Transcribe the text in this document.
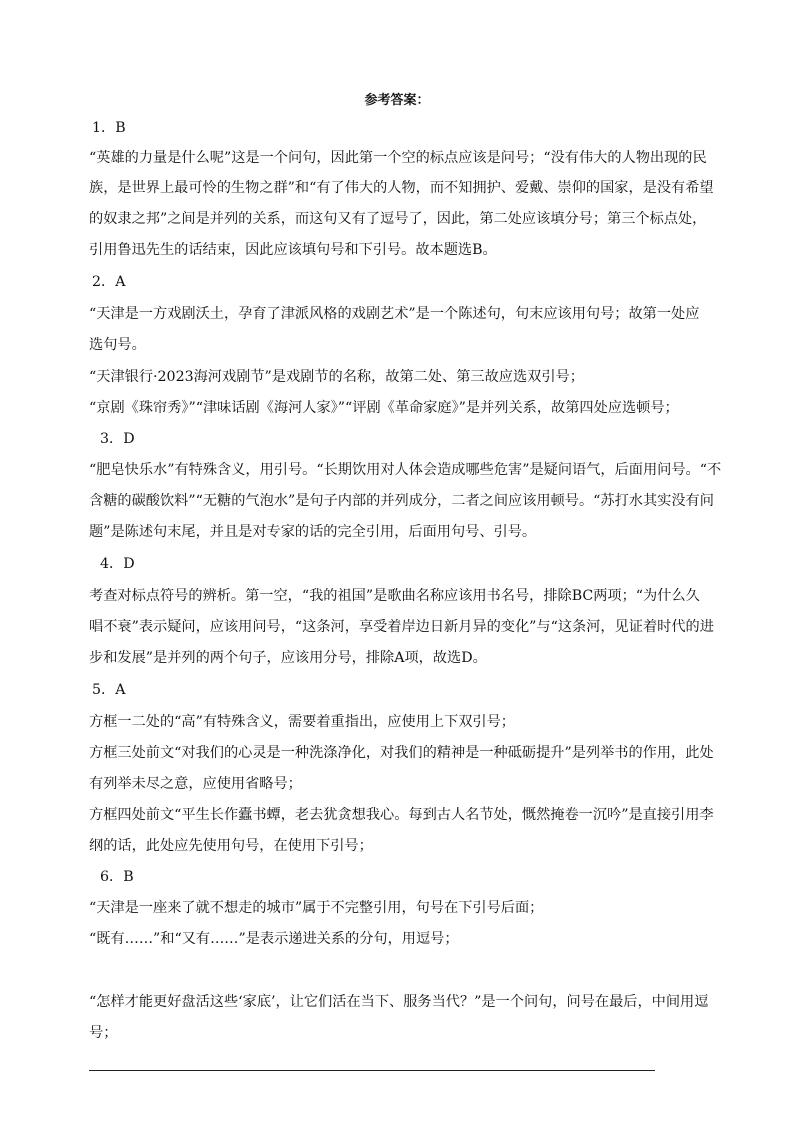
参考答案：
1．B
“英雄的力量是什么呢”这是一个问句，因此第一个空的标点应该是问号；“没有伟大的人物出现的民
族，是世界上最可怜的生物之群”和“有了伟大的人物，而不知拥护、爱戴、崇仰的国家，是没有希望
的奴隶之邦”之间是并列的关系，而这句又有了逗号了，因此，第二处应该填分号；第三个标点处，
引用鲁迅先生的话结束，因此应该填句号和下引号。故本题选B。
2．A
“天津是一方戏剧沃土，孕育了津派风格的戏剧艺术”是一个陈述句，句末应该用句号；故第一处应
选句号。
“天津银行·2023海河戏剧节”是戏剧节的名称，故第二处、第三故应选双引号；
“京剧《珠帘秀》”“津味话剧《海河人家》”“评剧《革命家庭》”是并列关系，故第四处应选顿号；
3．D
“肥皂快乐水”有特殊含义，用引号。“长期饮用对人体会造成哪些危害”是疑问语气，后面用问号。“不
含糖的碳酸饮料”“无糖的气泡水”是句子内部的并列成分，二者之间应该用顿号。“苏打水其实没有问
题”是陈述句末尾，并且是对专家的话的完全引用，后面用句号、引号。
4．D
考查对标点符号的辨析。第一空，“我的祖国”是歌曲名称应该用书名号，排除BC两项；“为什么久
唱不衰”表示疑问，应该用问号，“这条河，享受着岸边日新月异的变化”与“这条河，见证着时代的进
步和发展”是并列的两个句子，应该用分号，排除A项，故选D。
5．A
方框一二处的“高”有特殊含义，需要着重指出，应使用上下双引号；
方框三处前文“对我们的心灵是一种洗涤净化，对我们的精神是一种砥砺提升”是列举书的作用，此处
有列举未尽之意，应使用省略号；
方框四处前文“平生长作蠹书蟫，老去犹贪想我心。每到古人名节处，慨然掩卷一沉吟”是直接引用李
纲的话，此处应先使用句号，在使用下引号；
6．B
“天津是一座来了就不想走的城市”属于不完整引用，句号在下引号后面；
“既有……”和“又有……”是表示递进关系的分句，用逗号；
“怎样才能更好盘活这些‘家底’，让它们活在当下、服务当代？”是一个问句，问号在最后，中间用逗
号；
